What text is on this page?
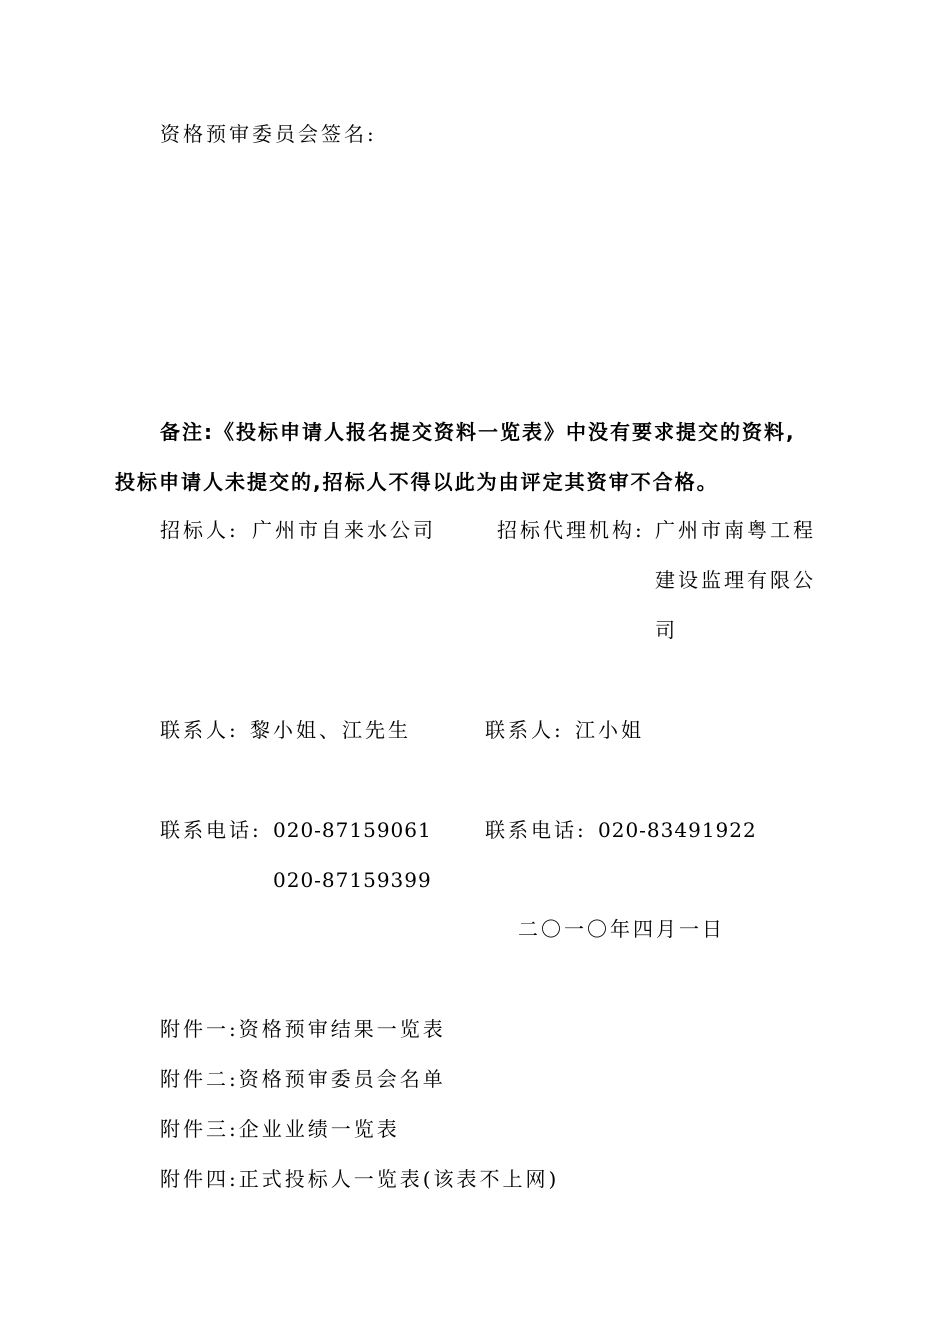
资格预审委员会签名:
备注:《投标申请人报名提交资料一览表》中没有要求提交的资料,
投标申请人未提交的,招标人不得以此为由评定其资审不合格。
招标人: 广州市自来水公司	招标代理机构: 广州市南粤工程
建设监理有限公
司
联系人: 黎小姐、江先生	联系人: 江小姐
联系电话: 020-87159061
020-87159399
联系电话: 020-83491922
二〇一〇年四月一日
附件一:资格预审结果一览表
附件二:资格预审委员会名单
附件三:企业业绩一览表
附件四:正式投标人一览表(该表不上网)
